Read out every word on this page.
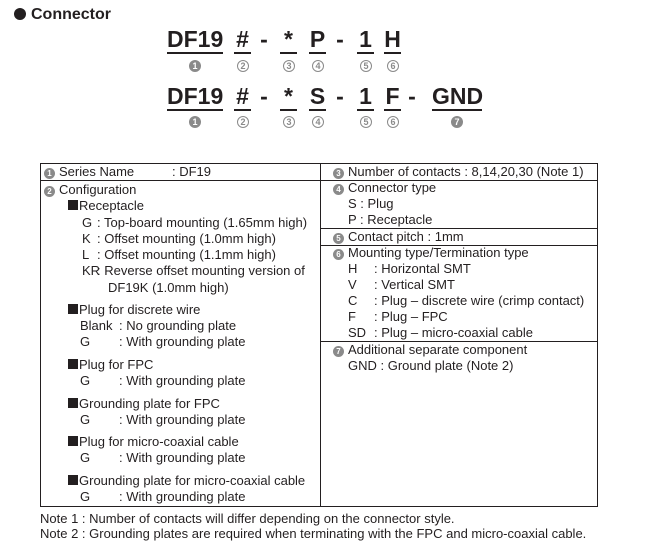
Connector
DF19 # - * P - 1 H
1	2	3	4	5	6
DF19 # - * S - 1 F - GND
1	2	3	4	5	6	7
1 Series Name	: DF19
2 Configuration
Receptacle
G : Top-board mounting (1.65mm high)
K : Offset mounting (1.0mm high)
L : Offset mounting (1.1mm high)
KR
: Reverse offset mounting version of
DF19K (1.0mm high)
Plug for discrete wire
Blank : No grounding plate
G : With grounding plate
Plug for FPC
G : With grounding plate
Grounding plate for FPC
G : With grounding plate
Plug for micro-coaxial cable
G : With grounding plate
Grounding plate for micro-coaxial cable
G : With grounding plate
3 Number of contacts : 8,14,20,30 (Note 1)
4 Connector type
S : Plug
P : Receptacle
5 Contact pitch : 1mm
6 Mounting type/Termination type
H : Horizontal SMT
V : Vertical SMT
C : Plug – discrete wire (crimp contact)
F : Plug – FPC
SD : Plug – micro-coaxial cable
7 Additional separate component
GND : Ground plate (Note 2)
Note 1 : Number of contacts will differ depending on the connector style.
Note 2 : Grounding plates are required when terminating with the FPC and micro-coaxial cable.
